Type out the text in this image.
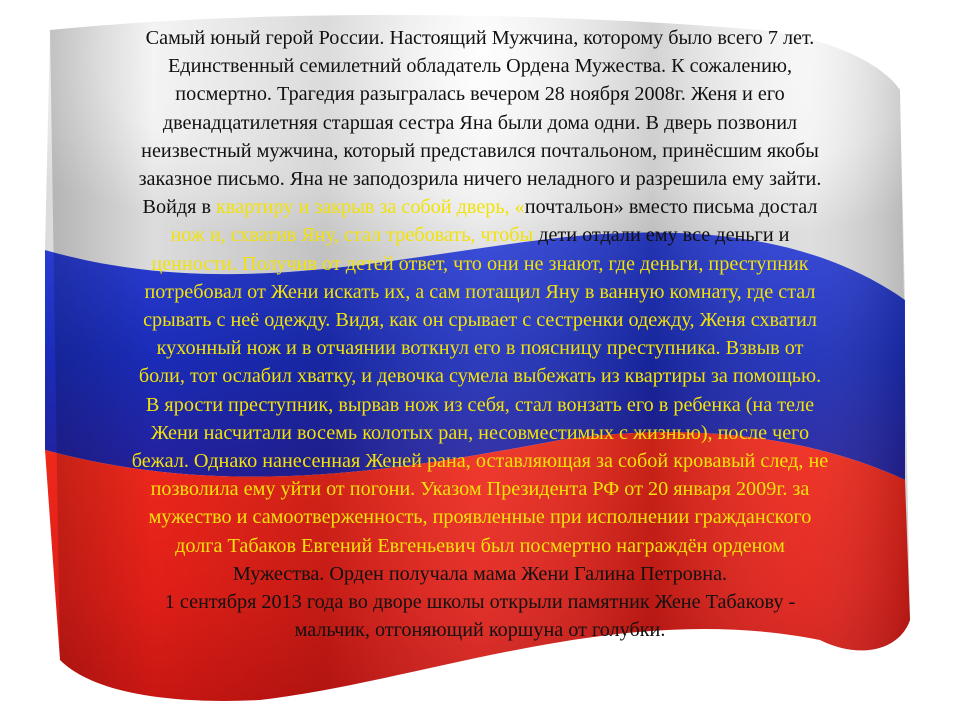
Самый юный герой России. Настоящий Мужчина, которому было всего 7 лет.
Единственный семилетний обладатель Ордена Мужества. К сожалению,
посмертно. Трагедия разыгралась вечером 28 ноября 2008г. Женя и его
двенадцатилетняя старшая сестра Яна были дома одни. В дверь позвонил
неизвестный мужчина, который представился почтальоном, принёсшим якобы
заказное письмо. Яна не заподозрила ничего неладного и разрешила ему зайти.
Войдя в квартиру и закрыв за собой дверь, «почтальон» вместо письма достал
нож и, схватив Яну, стал требовать, чтобы дети отдали ему все деньги и
ценности. Получив от детей ответ, что они не знают, где деньги, преступник
потребовал от Жени искать их, а сам потащил Яну в ванную комнату, где стал
срывать с неё одежду. Видя, как он срывает с сестренки одежду, Женя схватил
кухонный нож и в отчаянии воткнул его в поясницу преступника. Взвыв от
боли, тот ослабил хватку, и девочка сумела выбежать из квартиры за помощью.
В ярости преступник, вырвав нож из себя, стал вонзать его в ребенка (на теле
Жени насчитали восемь колотых ран, несовместимых с жизнью), после чего
бежал. Однако нанесенная Женей рана, оставляющая за собой кровавый след, не
позволила ему уйти от погони. Указом Президента РФ от 20 января 2009г. за
мужество и самоотверженность, проявленные при исполнении гражданского
долга Табаков Евгений Евгеньевич был посмертно награждён орденом
Мужества. Орден получала мама Жени Галина Петровна.
1 сентября 2013 года во дворе школы открыли памятник Жене Табакову -
мальчик, отгоняющий коршуна от голубки.
